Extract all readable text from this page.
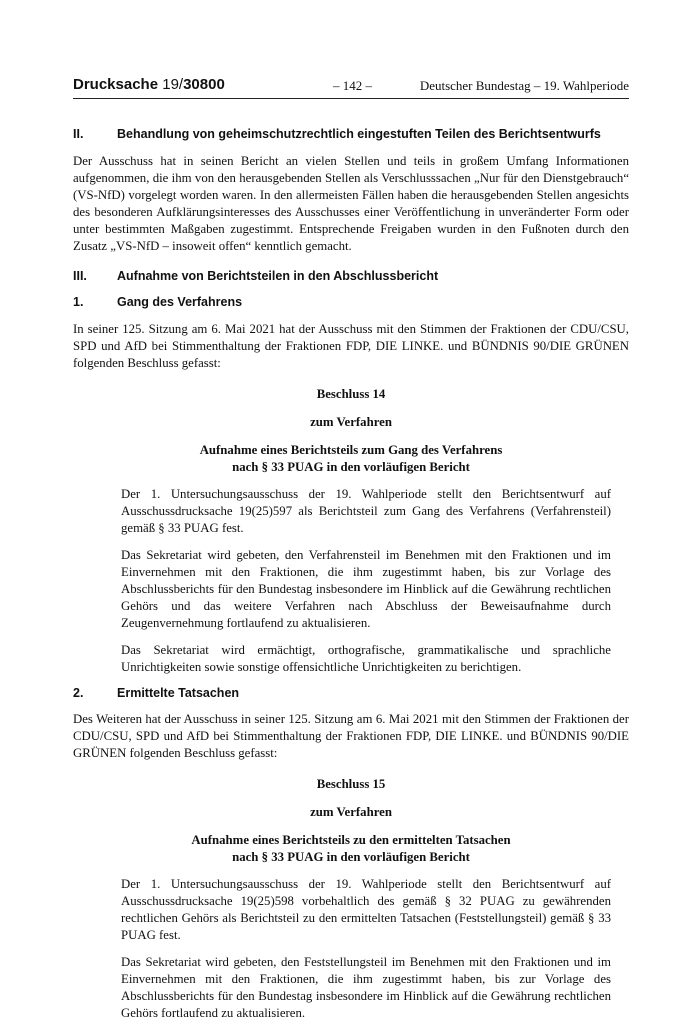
Drucksache 19/30800	– 142 –	Deutscher Bundestag – 19. Wahlperiode
II.	Behandlung von geheimschutzrechtlich eingestuften Teilen des Berichtsentwurfs

Der Ausschuss hat in seinen Bericht an vielen Stellen und teils in großem Umfang Informationen aufgenommen, die ihm von den herausgebenden Stellen als Verschlusssachen „Nur für den Dienstgebrauch“ (VS-NfD) vorgelegt worden waren. In den allermeisten Fällen haben die herausgebenden Stellen angesichts des besonderen Aufklärungsinteresses des Ausschusses einer Veröffentlichung in unveränderter Form oder unter bestimmten Maßgaben zugestimmt. Entsprechende Freigaben wurden in den Fußnoten durch den Zusatz „VS-NfD – insoweit offen“ kenntlich gemacht.

III.	Aufnahme von Berichtsteilen in den Abschlussbericht
1.	Gang des Verfahrens

In seiner 125. Sitzung am 6. Mai 2021 hat der Ausschuss mit den Stimmen der Fraktionen der CDU/CSU, SPD und AfD bei Stimmenthaltung der Fraktionen FDP, DIE LINKE. und BÜNDNIS 90/DIE GRÜNEN folgenden Beschluss gefasst:

Beschluss 14

zum Verfahren

Aufnahme eines Berichtsteils zum Gang des Verfahrens

nach § 33 PUAG in den vorläufigen Bericht

Der 1. Untersuchungsausschuss der 19. Wahlperiode stellt den Berichtsentwurf auf Ausschussdrucksache 19(25)597 als Berichtsteil zum Gang des Verfahrens (Verfahrensteil) gemäß § 33 PUAG fest.

Das Sekretariat wird gebeten, den Verfahrensteil im Benehmen mit den Fraktionen und im Einvernehmen mit den Fraktionen, die ihm zugestimmt haben, bis zur Vorlage des Abschlussberichts für den Bundestag insbesondere im Hinblick auf die Gewährung rechtlichen Gehörs und das weitere Verfahren nach Abschluss der Beweisaufnahme durch Zeugenvernehmung fortlaufend zu aktualisieren.

Das Sekretariat wird ermächtigt, orthografische, grammatikalische und sprachliche Unrichtigkeiten sowie sonstige offensichtliche Unrichtigkeiten zu berichtigen.

2.	Ermittelte Tatsachen

Des Weiteren hat der Ausschuss in seiner 125. Sitzung am 6. Mai 2021 mit den Stimmen der Fraktionen der CDU/CSU, SPD und AfD bei Stimmenthaltung der Fraktionen FDP, DIE LINKE. und BÜNDNIS 90/DIE GRÜNEN folgenden Beschluss gefasst:

Beschluss 15

zum Verfahren

Aufnahme eines Berichtsteils zu den ermittelten Tatsachen

nach § 33 PUAG in den vorläufigen Bericht

Der 1. Untersuchungsausschuss der 19. Wahlperiode stellt den Berichtsentwurf auf Ausschussdrucksache 19(25)598 vorbehaltlich des gemäß § 32 PUAG zu gewährenden rechtlichen Gehörs als Berichtsteil zu den ermittelten Tatsachen (Feststellungsteil) gemäß § 33 PUAG fest.

Das Sekretariat wird gebeten, den Feststellungsteil im Benehmen mit den Fraktionen und im Einvernehmen mit den Fraktionen, die ihm zugestimmt haben, bis zur Vorlage des Abschlussberichts für den Bundestag insbesondere im Hinblick auf die Gewährung rechtlichen Gehörs fortlaufend zu aktualisieren.
